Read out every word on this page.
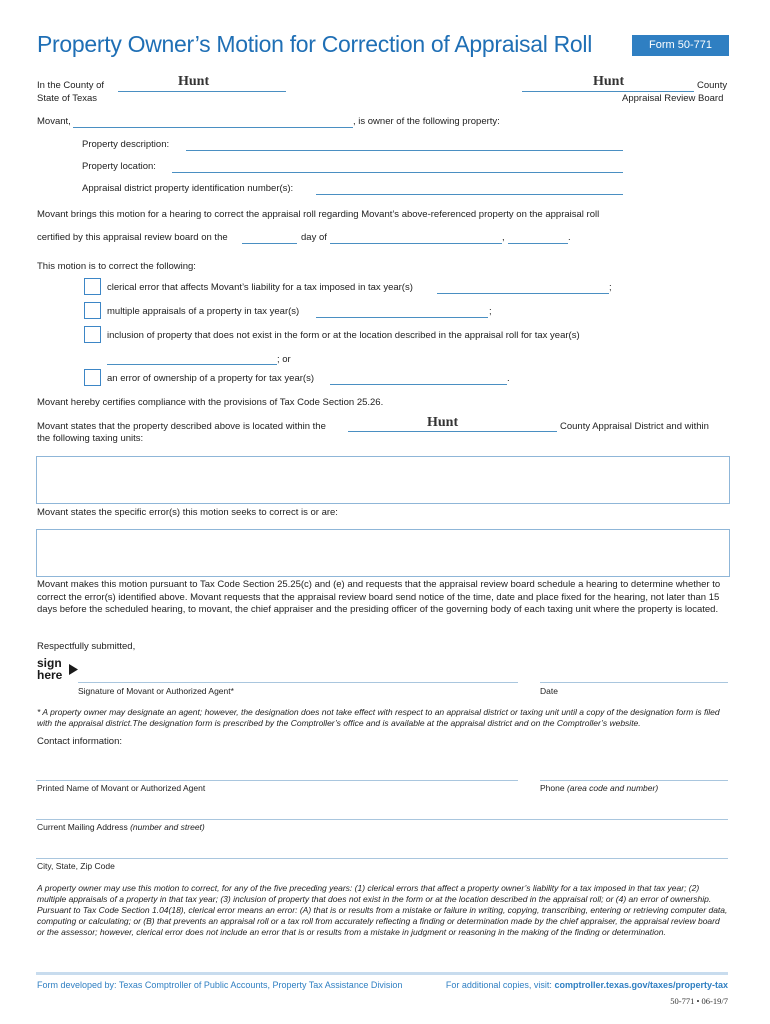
Property Owner’s Motion for Correction of Appraisal Roll	Form 50-771
In the County of	Hunt
State of Texas
Hunt	County
Appraisal Review Board
Movant,	, is owner of the following property:
Property description:
Property location:
Appraisal district property identification number(s):
Movant brings this motion for a hearing to correct the appraisal roll regarding Movant’s above-referenced property on the appraisal roll
certified by this appraisal review board on the	day of	,	.
This motion is to correct the following:
clerical error that affects Movant’s liability for a tax imposed in tax year(s)	;
multiple appraisals of a property in tax year(s)	;
inclusion of property that does not exist in the form or at the location described in the appraisal roll for tax year(s)
; or
an error of ownership of a property for tax year(s)	.
Movant hereby certifies compliance with the provisions of Tax Code Section 25.26.
Movant states that the property described above is located within the	Hunt	County Appraisal District and within
the following taxing units:
Movant states the specific error(s) this motion seeks to correct is or are:
Movant makes this motion pursuant to Tax Code Section 25.25(c) and (e) and requests that the appraisal review board schedule a hearing to determine whether to correct the error(s) identified above. Movant requests that the appraisal review board send notice of the time, date and place fixed for the hearing, not later than 15 days before the scheduled hearing, to movant, the chief appraiser and the presiding officer of the governing body of each taxing unit where the property is located.
Respectfully submitted,
sign
here
Signature of Movant or Authorized Agent*	Date
* A property owner may designate an agent; however, the designation does not take effect with respect to an appraisal district or taxing unit until a copy of the designation form is filed with the appraisal district.The designation form is prescribed by the Comptroller’s office and is available at the appraisal district and on the Comptroller’s website.
Contact information:
Printed Name of Movant or Authorized Agent	Phone (area code and number)
Current Mailing Address (number and street)
City, State, Zip Code
A property owner may use this motion to correct, for any of the five preceding years: (1) clerical errors that affect a property owner’s liability for a tax imposed in that tax year; (2) multiple appraisals of a property in that tax year; (3) inclusion of property that does not exist in the form or at the location described in the appraisal roll; or (4) an error of ownership. Pursuant to Tax Code Section 1.04(18), clerical error means an error: (A) that is or results from a mistake or failure in writing, copying, transcribing, entering or retrieving computer data, computing or calculating; or (B) that prevents an appraisal roll or a tax roll from accurately reflecting a finding or determination made by the chief appraiser, the appraisal review board or the assessor; however, clerical error does not include an error that is or results from a mistake in judgment or reasoning in the making of the finding or determination.
Form developed by: Texas Comptroller of Public Accounts, Property Tax Assistance Division	For additional copies, visit: comptroller.texas.gov/taxes/property-tax
50-771 • 06-19/7
